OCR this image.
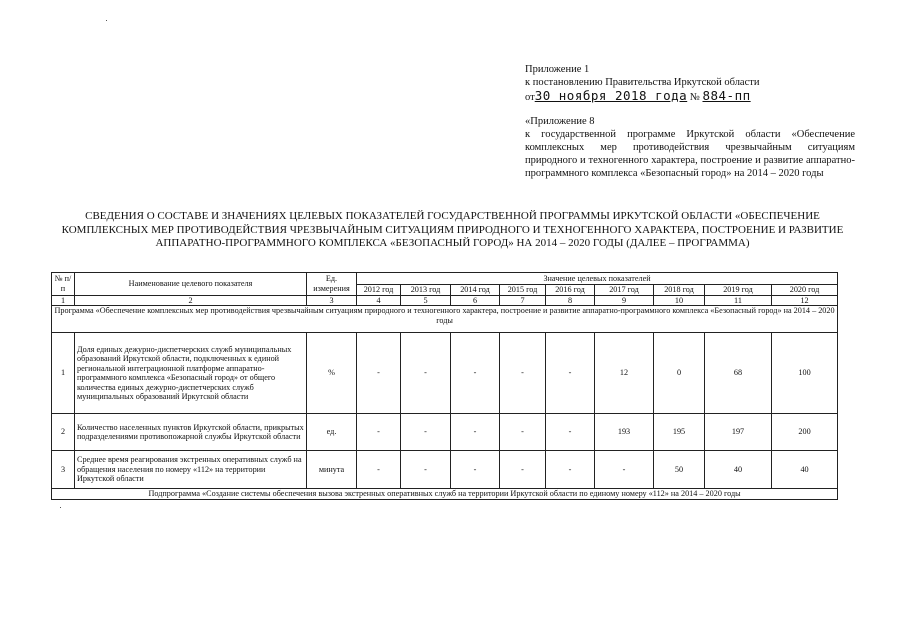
Приложение 1
к постановлению Правительства Иркутской области
от30 ноября 2018 года № 884-пп
«Приложение 8
к государственной программе Иркутской области «Обеспечение комплексных мер противодействия чрезвычайным ситуациям природного и техногенного характера, построение и развитие аппаратно-программного комплекса «Безопасный город» на 2014 – 2020 годы
СВЕДЕНИЯ О СОСТАВЕ И ЗНАЧЕНИЯХ ЦЕЛЕВЫХ ПОКАЗАТЕЛЕЙ ГОСУДАРСТВЕННОЙ ПРОГРАММЫ ИРКУТСКОЙ ОБЛАСТИ «ОБЕСПЕЧЕНИЕ КОМПЛЕКСНЫХ МЕР ПРОТИВОДЕЙСТВИЯ ЧРЕЗВЫЧАЙНЫМ СИТУАЦИЯМ ПРИРОДНОГО И ТЕХНОГЕННОГО ХАРАКТЕРА, ПОСТРОЕНИЕ И РАЗВИТИЕ АППАРАТНО-ПРОГРАММНОГО КОМПЛЕКСА «БЕЗОПАСНЫЙ ГОРОД» НА 2014 – 2020 ГОДЫ (ДАЛЕЕ – ПРОГРАММА)
№ п/п	Наименование целевого показателя	Ед. измерения	Значение целевых показателей								
			2012 год	2013 год	2014 год	2015 год	2016 год	2017 год	2018 год	2019 год	2020 год
1	2	3	4	5	6	7	8	9	10	11	12
Программа «Обеспечение комплексных мер противодействия чрезвычайным ситуациям природного и техногенного характера, построение и развитие аппаратно-программного комплекса «Безопасный город» на 2014 – 2020 годы											
1	Доля единых дежурно-диспетчерских служб муниципальных образований Иркутской области, подключенных к единой региональной интеграционной платформе аппаратно-программного комплекса «Безопасный город» от общего количества единых дежурно-диспетчерских служб муниципальных образований Иркутской области	%	-	-	-	-	-	12	0	68	100
2	Количество населенных пунктов Иркутской области, прикрытых подразделениями противопожарной службы Иркутской области	ед.	-	-	-	-	-	193	195	197	200
3	Среднее время реагирования экстренных оперативных служб на обращения населения по номеру «112» на территории Иркутской области	минута	-	-	-	-	-	-	50	40	40
Подпрограмма «Создание системы обеспечения вызова экстренных оперативных служб на территории Иркутской области по единому номеру «112» на 2014 – 2020 годы											
